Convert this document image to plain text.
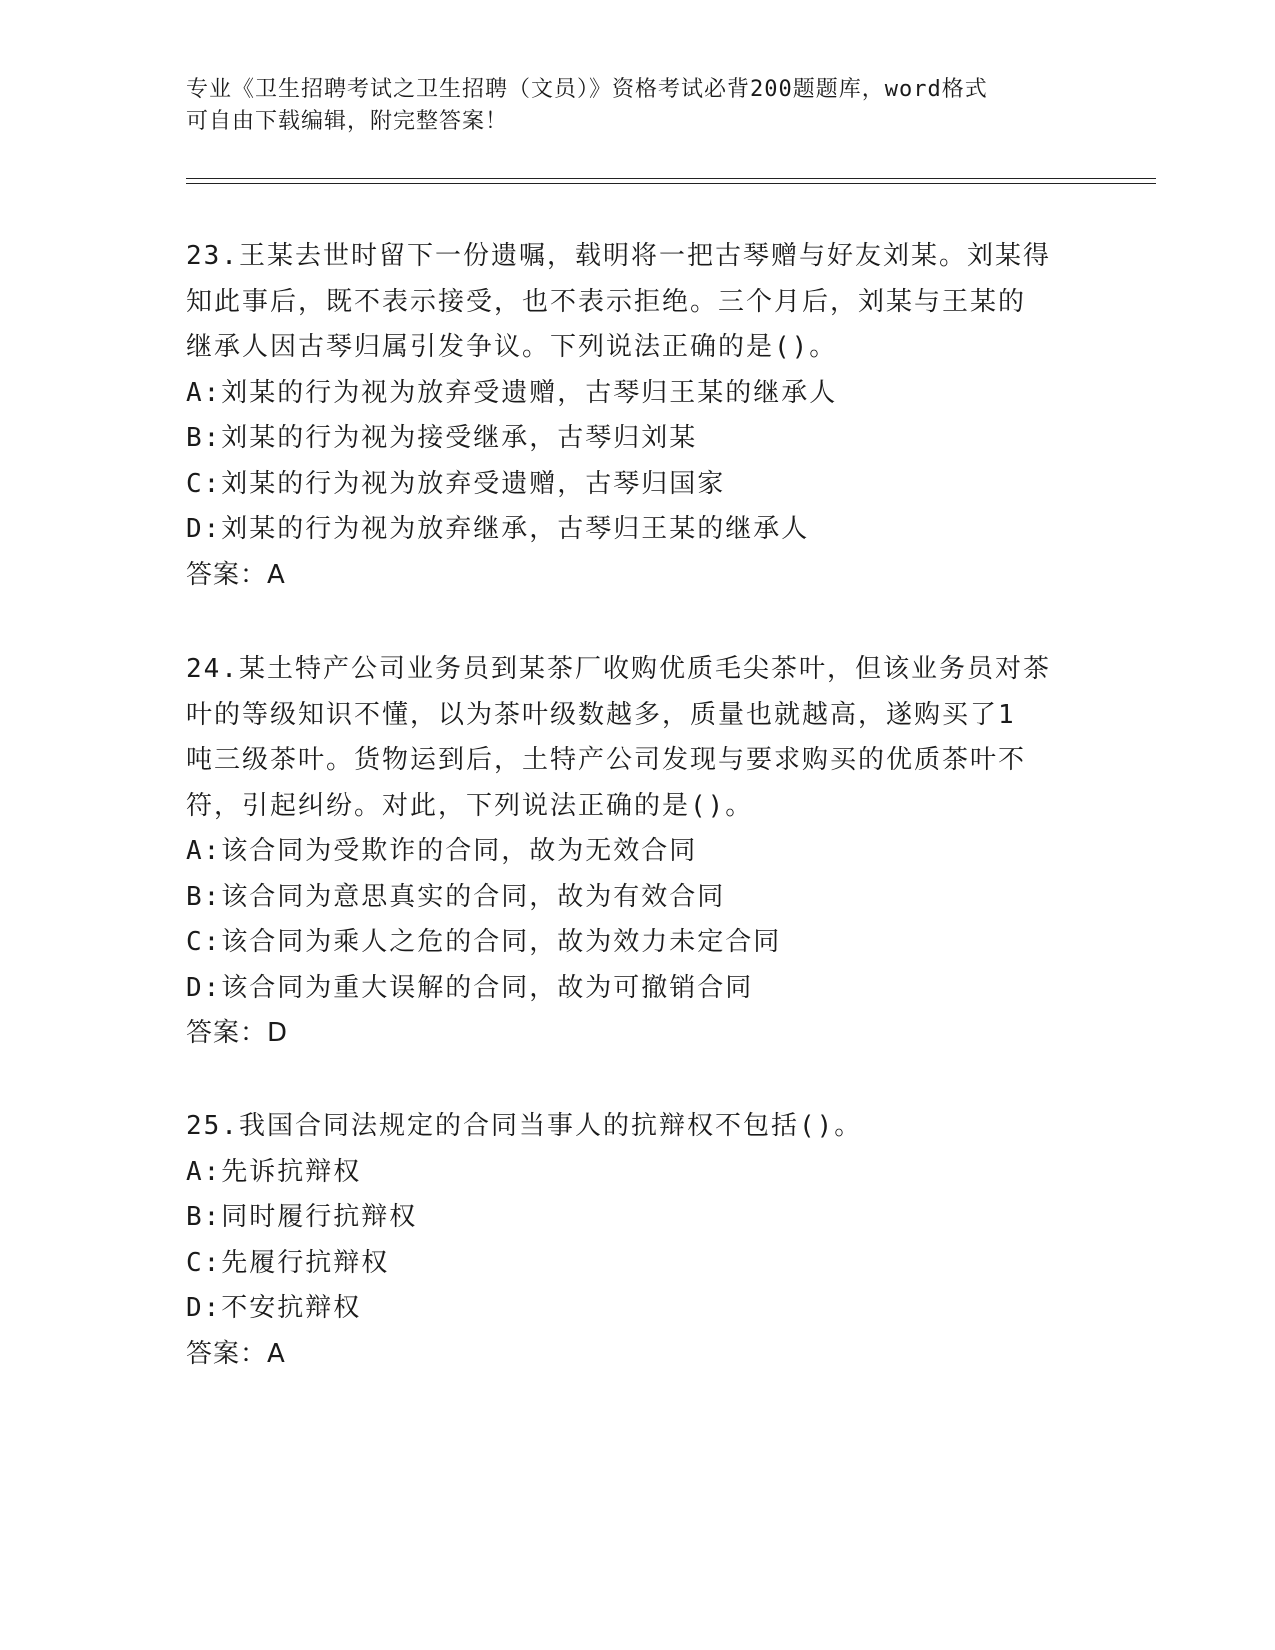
专业《卫生招聘考试之卫生招聘（文员）》资格考试必背200题题库，word格式
可自由下载编辑，附完整答案！
23.王某去世时留下一份遗嘱，载明将一把古琴赠与好友刘某。刘某得
知此事后，既不表示接受，也不表示拒绝。三个月后，刘某与王某的
继承人因古琴归属引发争议。下列说法正确的是()。
A:刘某的行为视为放弃受遗赠，古琴归王某的继承人
B:刘某的行为视为接受继承，古琴归刘某
C:刘某的行为视为放弃受遗赠，古琴归国家
D:刘某的行为视为放弃继承，古琴归王某的继承人
答案：A
24.某土特产公司业务员到某茶厂收购优质毛尖茶叶，但该业务员对茶
叶的等级知识不懂，以为茶叶级数越多，质量也就越高，遂购买了1
吨三级茶叶。货物运到后，土特产公司发现与要求购买的优质茶叶不
符，引起纠纷。对此，下列说法正确的是()。
A:该合同为受欺诈的合同，故为无效合同
B:该合同为意思真实的合同，故为有效合同
C:该合同为乘人之危的合同，故为效力未定合同
D:该合同为重大误解的合同，故为可撤销合同
答案：D
25.我国合同法规定的合同当事人的抗辩权不包括()。
A:先诉抗辩权
B:同时履行抗辩权
C:先履行抗辩权
D:不安抗辩权
答案：A
